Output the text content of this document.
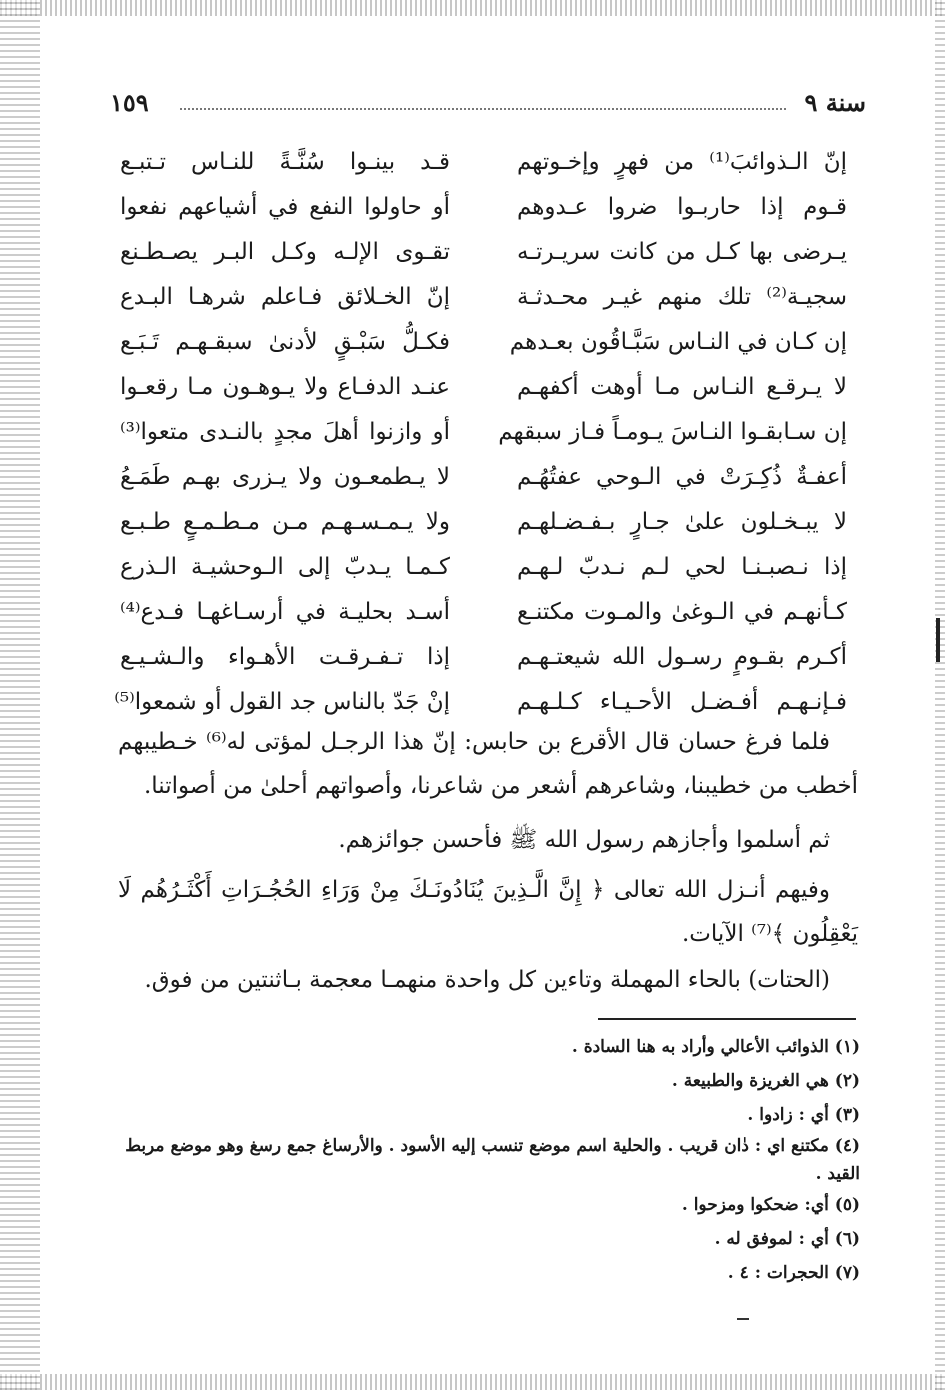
سنة ٩
١٥٩
إنّ الـذوائبَ⁽¹⁾ من فهرٍ وإخـوتهم
قـد بينـوا سُنَّـةً للنـاس تـتبـع
قـوم إذا حاربـوا ضروا عـدوهم
أو حاولوا النفع في أشياعهم نفعوا
يـرضى بها كـل من كانت سريـرتـه
تقـوى الإلـه وكـل البـر يصـطـنع
سجيـة⁽²⁾ تلك منهم غيـر محـدثـة
إنّ الخـلائق فـاعلم شرهـا البـدع
إن كـان في النـاس سَبَّـاقُون بعـدهم
فكـلُّ سَبْـقٍ لأدنىٰ سبقـهـم تَـبَـع
لا يـرقـع النـاس مـا أوهت أكفهـم
عنـد الدفـاع ولا يـوهـون مـا رقعـوا
إن سـابقـوا النـاسَ يـومـاً فـاز سبقهم
أو وازنوا أهلَ مجدٍ بالنـدى متعوا⁽³⁾
أعفـةٌ ذُكِـرَتْ في الـوحي عفتُهُـم
لا يـطمعـون ولا يـزرى بهـم طَمَـعُ
لا يبـخـلون علىٰ جـارٍ بـفـضـلهـم
ولا يـمـسـهـم مـن مـطـمـعٍ طـبـع
إذا نـصبـنـا لحي لـم نـدبّ لـهـم
كـمـا يـدبّ إلى الـوحشيـة الـذرع
كـأنهـم في الـوغىٰ والمـوت مكتنـع
أسـد بحليـة في أرسـاغهـا فـدع⁽⁴⁾
أكـرم بقـومٍ رسـول الله شيعتـهـم
إذا تـفـرقـت الأهـواء والـشـيـع
فـإنـهـم أفـضـل الأحـيـاء كـلـهـم
إنْ جَدّ بالناس جد القول أو شمعوا⁽⁵⁾
فلما فرغ حسان قال الأقرع بن حابس: إنّ هذا الرجـل لمؤتى له⁽⁶⁾ خـطيبهم أخطب من خطيبنا، وشاعرهم أشعر من شاعرنا، وأصواتهم أحلىٰ من أصواتنا.
ثم أسلموا وأجازهم رسول الله ﷺ فأحسن جوائزهم.
وفيهم أنـزل الله تعالى ﴿ إِنَّ الَّـذِينَ يُنَادُونَـكَ مِنْ وَرَاءِ الحُجُـرَاتِ أَكْثَـرُهُم لَا يَعْقِلُون ﴾⁽⁷⁾ الآيات.
(الحتات) بالحاء المهملة وتاءين كل واحدة منهمـا معجمة بـاثنتين من فوق.
(١) الذوائب الأعالي وأراد به هنا السادة .
(٢) هي الغريزة والطبيعة .
(٣) أي : زادوا .
(٤) مكتنع اي : دٰان قريب . والحلية اسم موضع تنسب إليه الأسود . والأرساغ جمع رسغ وهو موضع مربط القيد .
(٥) أي: ضحكوا ومزحوا .
(٦) أي : لموفق له .
(٧) الحجرات : ٤ .
